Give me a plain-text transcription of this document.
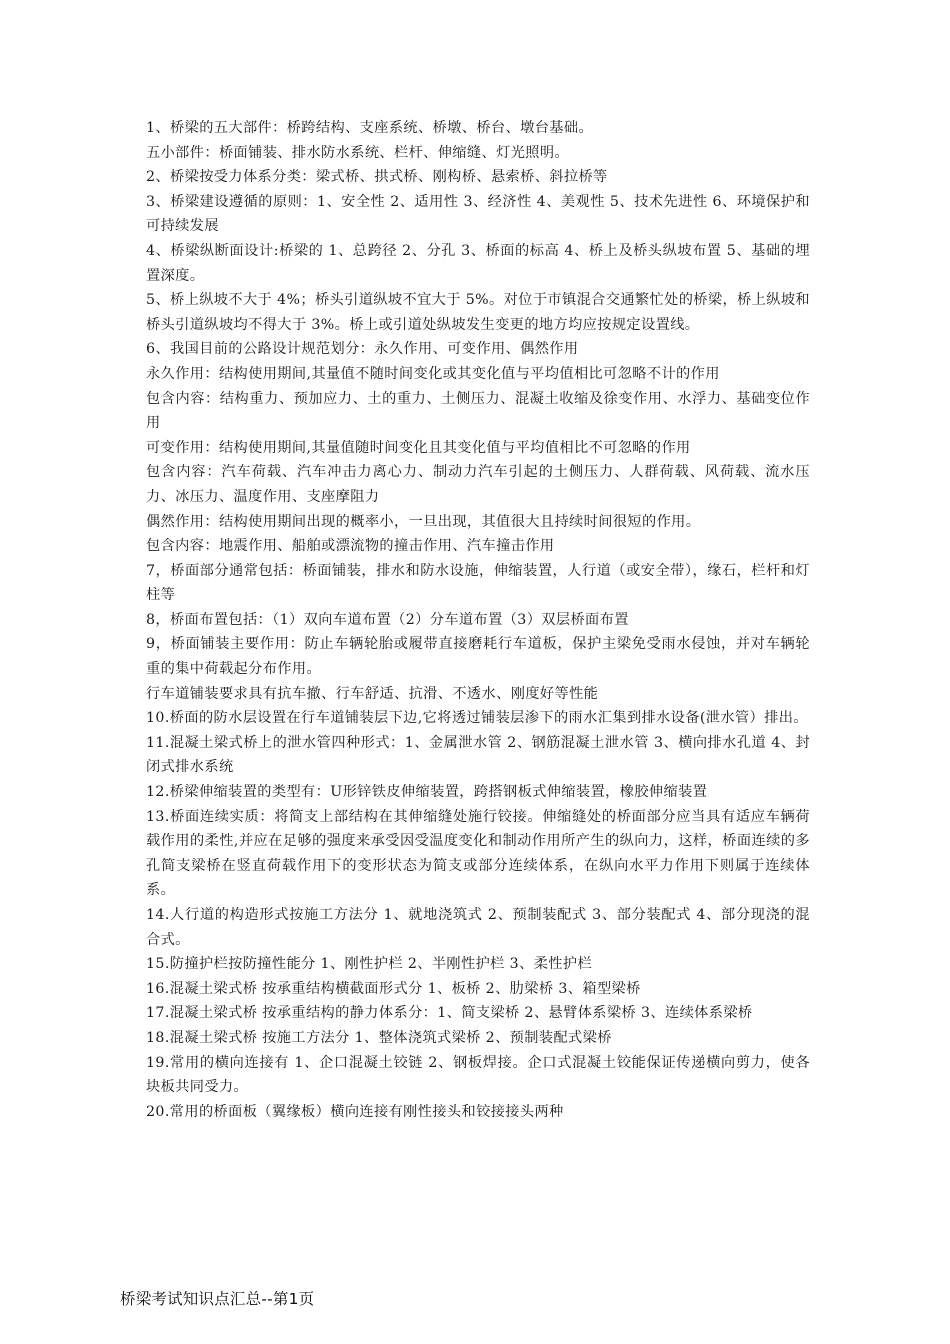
1、桥梁的五大部件：桥跨结构、支座系统、桥墩、桥台、墩台基础。

五小部件：桥面铺装、排水防水系统、栏杆、伸缩缝、灯光照明。

2、桥梁按受力体系分类：梁式桥、拱式桥、刚构桥、悬索桥、斜拉桥等

3、桥梁建设遵循的原则：1、安全性 2、适用性 3、经济性 4、美观性 5、技术先进性 6、环境保护和可持续发展

4、桥梁纵断面设计:桥梁的 1、总跨径 2、分孔 3、桥面的标高 4、桥上及桥头纵坡布置 5、基础的埋置深度。

5、桥上纵坡不大于 4%；桥头引道纵坡不宜大于 5%。对位于市镇混合交通繁忙处的桥梁，桥上纵坡和桥头引道纵坡均不得大于 3%。桥上或引道处纵坡发生变更的地方均应按规定设置线。

6、我国目前的公路设计规范划分：永久作用、可变作用、偶然作用

永久作用：结构使用期间,其量值不随时间变化或其变化值与平均值相比可忽略不计的作用

包含内容：结构重力、预加应力、土的重力、土侧压力、混凝土收缩及徐变作用、水浮力、基础变位作用

可变作用：结构使用期间,其量值随时间变化且其变化值与平均值相比不可忽略的作用

包含内容：汽车荷载、汽车冲击力离心力、制动力汽车引起的土侧压力、人群荷载、风荷载、流水压力、冰压力、温度作用、支座摩阻力

偶然作用：结构使用期间出现的概率小，一旦出现，其值很大且持续时间很短的作用。

包含内容：地震作用、船舶或漂流物的撞击作用、汽车撞击作用

7，桥面部分通常包括：桥面铺装，排水和防水设施，伸缩装置，人行道（或安全带），缘石，栏杆和灯柱等

8，桥面布置包括：（1）双向车道布置（2）分车道布置（3）双层桥面布置

9，桥面铺装主要作用：防止车辆轮胎或履带直接磨耗行车道板，保护主梁免受雨水侵蚀，并对车辆轮重的集中荷载起分布作用。

行车道铺装要求具有抗车撤、行车舒适、抗滑、不透水、刚度好等性能

10.桥面的防水层设置在行车道铺装层下边,它将透过铺装层渗下的雨水汇集到排水设备(泄水管）排出。

11.混凝土梁式桥上的泄水管四种形式：1、金属泄水管 2、钢筋混凝土泄水管 3、横向排水孔道 4、封闭式排水系统

12.桥梁伸缩装置的类型有：U形锌铁皮伸缩装置，跨搭钢板式伸缩装置，橡胶伸缩装置

13.桥面连续实质：将简支上部结构在其伸缩缝处施行铰接。伸缩缝处的桥面部分应当具有适应车辆荷载作用的柔性,并应在足够的强度来承受因受温度变化和制动作用所产生的纵向力，这样，桥面连续的多孔简支梁桥在竖直荷载作用下的变形状态为简支或部分连续体系，在纵向水平力作用下则属于连续体系。

14.人行道的构造形式按施工方法分 1、就地浇筑式 2、预制装配式 3、部分装配式 4、部分现浇的混合式。

15.防撞护栏按防撞性能分 1、刚性护栏 2、半刚性护栏 3、柔性护栏

16.混凝土梁式桥 按承重结构横截面形式分 1、板桥 2、肋梁桥 3、箱型梁桥

17.混凝土梁式桥 按承重结构的静力体系分：1、简支梁桥 2、悬臂体系梁桥 3、连续体系梁桥

18.混凝土梁式桥 按施工方法分 1、整体浇筑式梁桥 2、预制装配式梁桥

19.常用的横向连接有 1、企口混凝土铰链 2、钢板焊接。企口式混凝土铰能保证传递横向剪力，使各块板共同受力。

20.常用的桥面板（翼缘板）横向连接有刚性接头和铰接接头两种

桥梁考试知识点汇总--第1页
